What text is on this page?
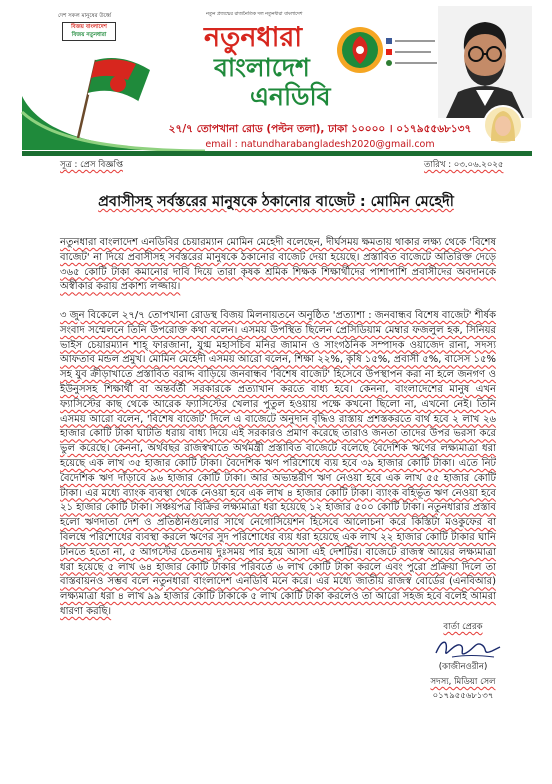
দেশ সকল মানুষের উর্ধ্বে
বিজয় বাংলাদেশ
বিজয় নতুনধারা
নতুন প্রজন্মের রাজনৈতিক দল নতুনধারা বাংলাদেশ
নতুনধারা
বাংলাদেশ
এনডিবি
২৭/৭ তোপখানা রোড (পল্টন তলা), ঢাকা ১০০০০ । ০১৭৯৫৫৬৮১৩৭
email : natundharabangladesh2020@gmail.com
সূত্র : প্রেস বিজ্ঞপ্তি	তারিখ : ০৩.০৬.২০২৫
প্রবাসীসহ সর্বস্তরের মানুষকে ঠকানোর বাজেট : মোমিন মেহেদী
নতুনধারা বাংলাদেশ এনডিবির চেয়ারম্যান মোমিন মেহেদী বলেছেন, দীর্ঘসময় ক্ষমতায় থাকার লক্ষ্য থেকে 'বিশেষ বাজেট' না দিয়ে প্রবাসীসহ সর্বস্তরের মানুষকে ঠকানোর বাজেট দেয়া হয়েছে। প্রস্তাবিত বাজেটে অতিরিক্ত দেড়ে ৩৬৫ কোটি টাকা কমানোর দাবি দিয়ে তারা কৃষক শ্রমিক শিক্ষক শিক্ষার্থীদের পাশাপাশি প্রবাসীদের অবদানকে অস্বীকার করায় প্রকাশ্য লজ্জায়।
৩ জুন বিকেলে ২৭/৭ তোপখানা রোডস্থ বিজয় মিলনায়তনে অনুষ্ঠিত 'প্রত্যাশা : জনবান্ধব বিশেষ বাজেট' শীর্ষক সংবাদ সম্মেলনে তিনি উপরোক্ত কথা বলেন। এসময় উপস্থিত ছিলেন প্রেসিডিয়াম মেম্বার ফজলুল হক, সিনিয়র ভাইস চেয়ারম্যান শাহ্ ফারজানা, যুগ্ম মহাসচিব মনির জামান ও সাংগঠনিক সম্পাদক ওয়াজেদ রানা, সদস্য আফতাব মন্ডল প্রমুখ। মোমিন মেহেদী এসময় আরো বলেন, শিক্ষা ২২%, কৃষি ১৫%, প্রবাসী ৫%, বাসেস ১৫% সহ যুব ক্রীড়াখাতে প্রস্তাবিত বরাদ্দ বাড়িয়ে জনবান্ধব 'বিশেষ বাজেট' হিসেবে উপস্থাপন করা না হলে জনগণ ও ইউনুসসহ শিক্ষার্থী বা অন্তর্বর্তী সরকারকে প্রত্যাখান করতে বাধ্য হবে। কেননা, বাংলাদেশের মানুষ এখন ফ্যাসিস্টের কাছ থেকে আরেক ফ্যাসিস্টের খেলার পুতুল হওয়ায় পক্ষে কখনো ছিলো না, এখনো নেই। তিনি এসময় আরো বলেন, 'বিশেষ বাজেট' দিলে এ বাজেটে অনুদান বৃদ্ধিও রাস্তায় প্রশস্তকরতে বার্থ হবে ২ লাখ ২৬ হাজার কোটি টাকা ঘাটতি ধরায় বাধ্য দিয়ে এই সরকারও প্রমাণ করেছে তারাও জনতা তাদের উপর ভরসা করে ভুল করেছে। কেননা, অর্থবছর রাজস্বখাতে অর্থমন্ত্রী প্রস্তাবিত বাজেটে বলেছে বৈদেশিক ঋণের লক্ষ্যমাত্রা ধরা হয়েছে এক লাখ ৩৫ হাজার কোটি টাকা। বৈদেশিক ঋণ পরিশোধে ব্যয় হবে ৩৯ হাজার কোটি টাকা। এতে নিট বৈদেশিক ঋণ দাঁড়াবে ৯৬ হাজার কোটি টাকা। আর অভ্যন্তরীণ ঋণ নেওয়া হবে এক লাখ ৫৫ হাজার কোটি টাকা। এর মধ্যে ব্যাংক ব্যবস্থা থেকে নেওয়া হবে এক লাখ ৪ হাজার কোটি টাকা। ব্যাংক বহির্ভূত ঋণ নেওয়া হবে ২১ হাজার কোটি টাকা। সঞ্চয়পত্র বিক্রির লক্ষ্যমাত্রা ধরা হয়েছে ১২ হাজার ৫০০ কোটি টাকা। নতুনধারার প্রস্তাব হলো ঋণদাতা দেশ ও প্রতিষ্ঠানগুলোর সাথে নেগোসিয়েশন হিসেবে আলোচনা করে কিস্তিটা মওকুফের বা বিলম্বে পরিশোধের ব্যবস্থা করলে ঋণের সুদ পরিশোধের ব্যয় ধরা হয়েছে এক লাখ ২২ হাজার কোটি টাকার ঘানি টানতে হতো না, ৫ আগস্টের চেতনায় দুঃসময় পার হয়ে আসা এই দেশটির। বাজেটে রাজস্ব আয়ের লক্ষ্যমাত্রা ধরা হয়েছে ৫ লাখ ৬৪ হাজার কোটি টাকার পরিবর্তে ৬ লাখ কোটি টাকা করলে এবং পুরো প্রক্রিয়া দিলে তা বাস্তবায়নও সম্ভব বলে নতুনধারা বাংলাদেশ এনডিবি মনে করে। এর মধ্যে জাতীয় রাজস্ব বোর্ডের (এনবিআর) লক্ষ্যমাত্রা ধরা ৪ লাখ ৯৯ হাজার কোটি টাকাকে ৫ লাখ কোটি টাকা করলেও তা আরো সহজ হবে বলেই আমরা ধারণা করছি।
বার্তা প্রেরক
(কাজীনওরীন)
সদস্য, মিডিয়া সেল
০১৭৯৫৫৬৮১৩৭
